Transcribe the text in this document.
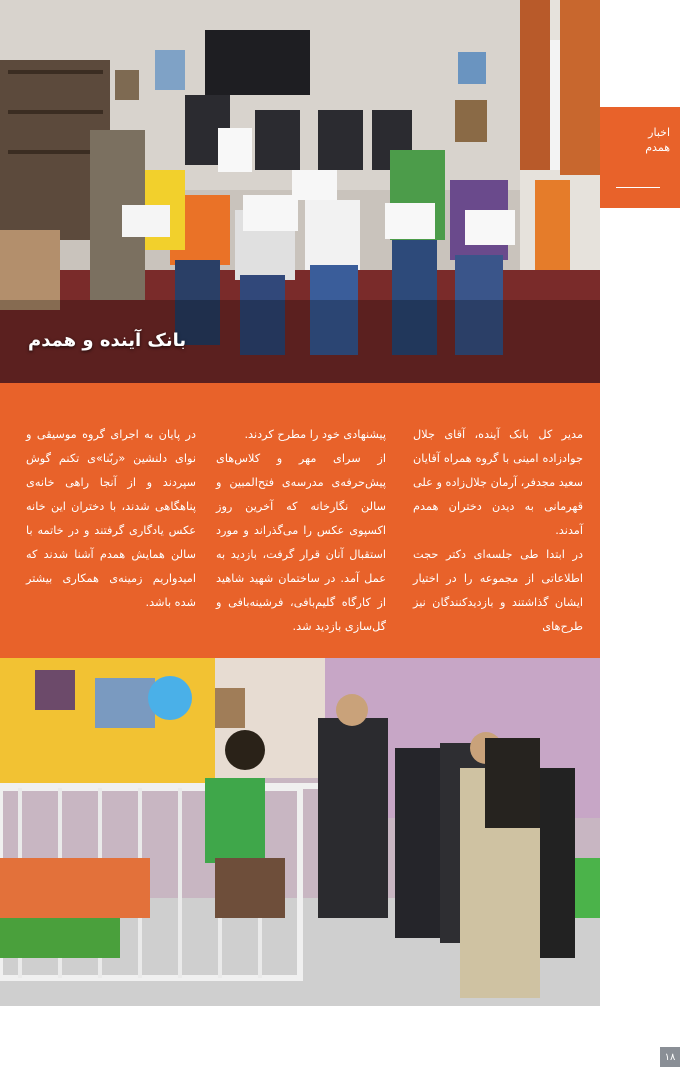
بانک آینده و همدم
اخبار
همدم

مدیر کل بانک آینده، آقای جلال جوادزاده امینی با گروه همراه آقایان سعید مجدفر، آرمان جلال‌زاده و علی قهرمانی به دیدن دختران همدم آمدند.

در ابتدا طی جلسه‌ای دکتر حجت اطلاعاتی از مجموعه را در اختیار ایشان گذاشتند و بازدیدکنندگان نیز طرح‌های

پیشنهادی خود را مطرح کردند.

از سرای مهر و کلاس‌های پیش‌حرفه‌ی مدرسه‌ی فتح‌المبین و سالن نگارخانه که آخرین روز اکسپوی عکس را می‌گذراند و مورد استقبال آنان قرار گرفت، بازدید به عمل آمد. در ساختمان شهید شاهید از کارگاه گلیم‌بافی، فرشینه‌بافی و گل‌سازی بازدید شد.

در پایان به اجرای گروه موسیقی و نوای دلنشین «ربّنا»ی تکنم گوش سپردند و از آنجا راهی خانه‌ی پناهگاهی شدند، با دختران این خانه عکس یادگاری گرفتند و در خاتمه با سالن همایش همدم آشنا شدند که امیدواریم زمینه‌ی همکاری بیشتر شده باشد.

۱۸
